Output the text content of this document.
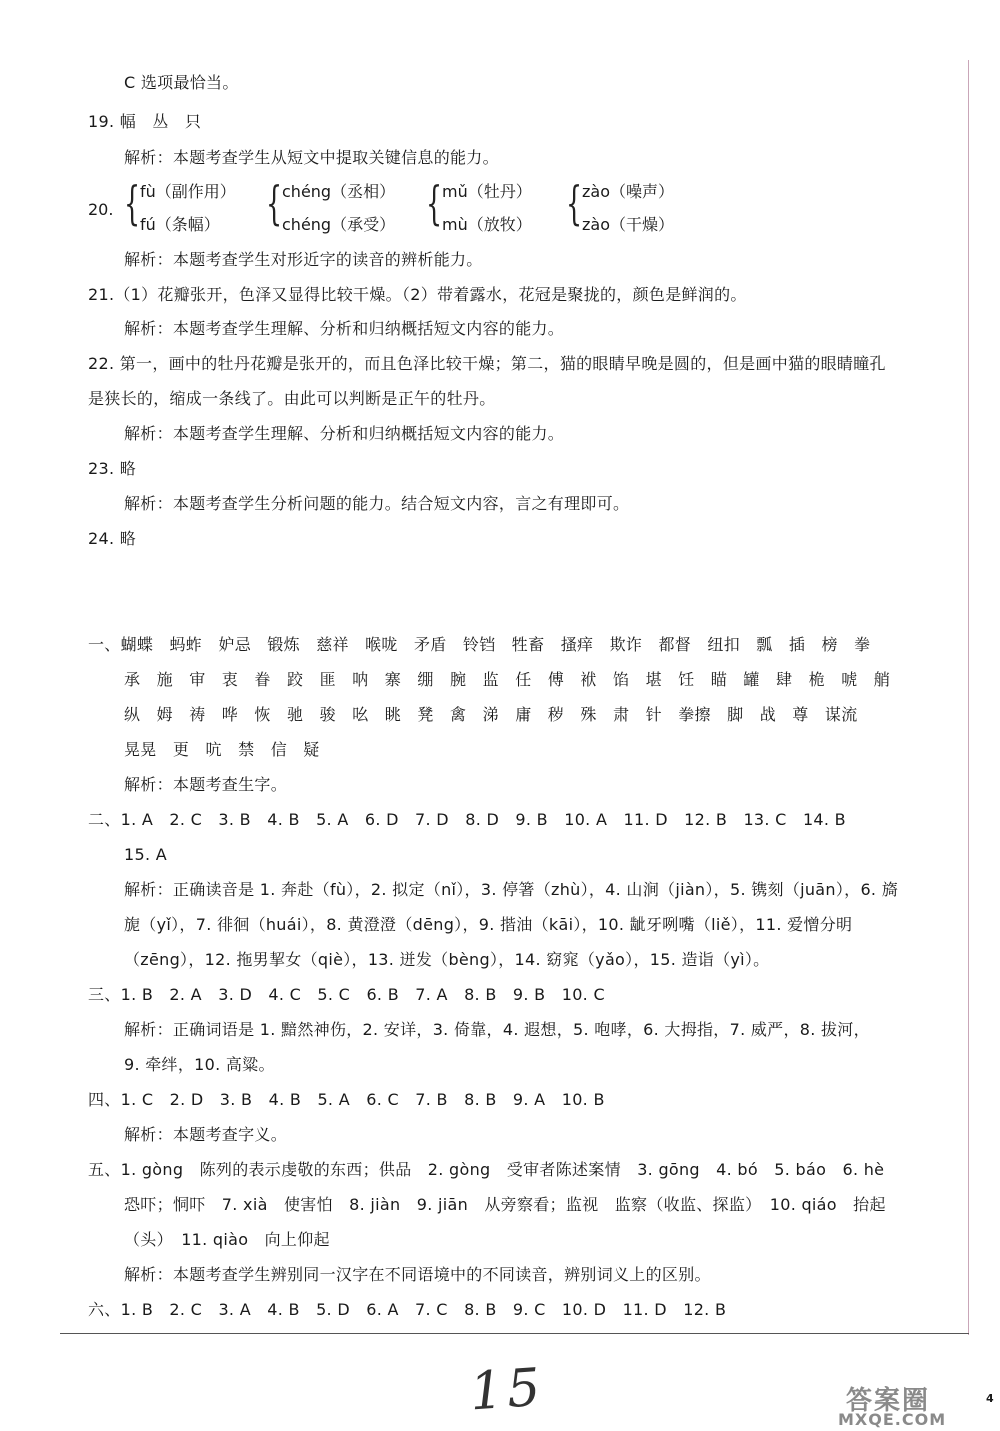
C 选项最恰当。
19. 幅　丛　只
解析：本题考查学生从短文中提取关键信息的能力。
20. { fù（副作用）
fú（条幅） { chéng（丞相）
chéng（承受） { mǔ（牡丹）
mù（放牧） { zào（噪声）
zào（干燥）
解析：本题考查学生对形近字的读音的辨析能力。
21.（1）花瓣张开，色泽又显得比较干燥。（2）带着露水，花冠是聚拢的，颜色是鲜润的。
解析：本题考查学生理解、分析和归纳概括短文内容的能力。
22. 第一，画中的牡丹花瓣是张开的，而且色泽比较干燥；第二，猫的眼睛早晚是圆的，但是画中猫的眼睛瞳孔
是狭长的，缩成一条线了。由此可以判断是正午的牡丹。
解析：本题考查学生理解、分析和归纳概括短文内容的能力。
23. 略
解析：本题考查学生分析问题的能力。结合短文内容，言之有理即可。
24. 略
一、蝴蝶　蚂蚱　妒忌　锻炼　慈祥　喉咙　矛盾　铃铛　牲畜　搔痒　欺诈　都督　纽扣　瓢　插　榜　拳
承　施　审　衷　眷　跤　匪　呐　寨　绷　腕　监　任　傅　袱　馅　堪　饪　瞄　罐　肆　桅　唬　艄
纵　姆　祷　哗　恢　驰　骏　吆　眺　凳　禽　涕　庸　秽　殊　肃　针　拳擦　脚　战　尊　谋流
晃晃　更　吭　禁　信　疑
解析：本题考查生字。
二、1. A　2. C　3. B　4. B　5. A　6. D　7. D　8. D　9. B　10. A　11. D　12. B　13. C　14. B
15. A
解析：正确读音是 1. 奔赴（fù），2. 拟定（nǐ），3. 停箸（zhù），4. 山涧（jiàn），5. 镌刻（juān），6. 旖
旎（yǐ），7. 徘徊（huái），8. 黄澄澄（dēng），9. 揩油（kāi），10. 龇牙咧嘴（liě），11. 爱憎分明
（zēng），12. 拖男挈女（qiè），13. 迸发（bèng），14. 窈窕（yǎo），15. 造诣（yì）。
三、1. B　2. A　3. D　4. C　5. C　6. B　7. A　8. B　9. B　10. C
解析：正确词语是 1. 黯然神伤，2. 安详，3. 倚靠，4. 遐想，5. 咆哮，6. 大拇指，7. 威严，8. 拔河，
9. 牵绊，10. 高粱。
四、1. C　2. D　3. B　4. B　5. A　6. C　7. B　8. B　9. A　10. B
解析：本题考查字义。
五、1. gòng　陈列的表示虔敬的东西；供品　2. gòng　受审者陈述案情　3. gōng　4. bó　5. báo　6. hè
恐吓；恫吓　7. xià　使害怕　8. jiàn　9. jiān　从旁察看；监视　监察（收监、探监）　10. qiáo　抬起
（头）　11. qiào　向上仰起
解析：本题考查学生辨别同一汉字在不同语境中的不同读音，辨别词义上的区别。
六、1. B　2. C　3. A　4. B　5. D　6. A　7. C　8. B　9. C　10. D　11. D　12. B
15	答案圈
MXQE.COM
4
